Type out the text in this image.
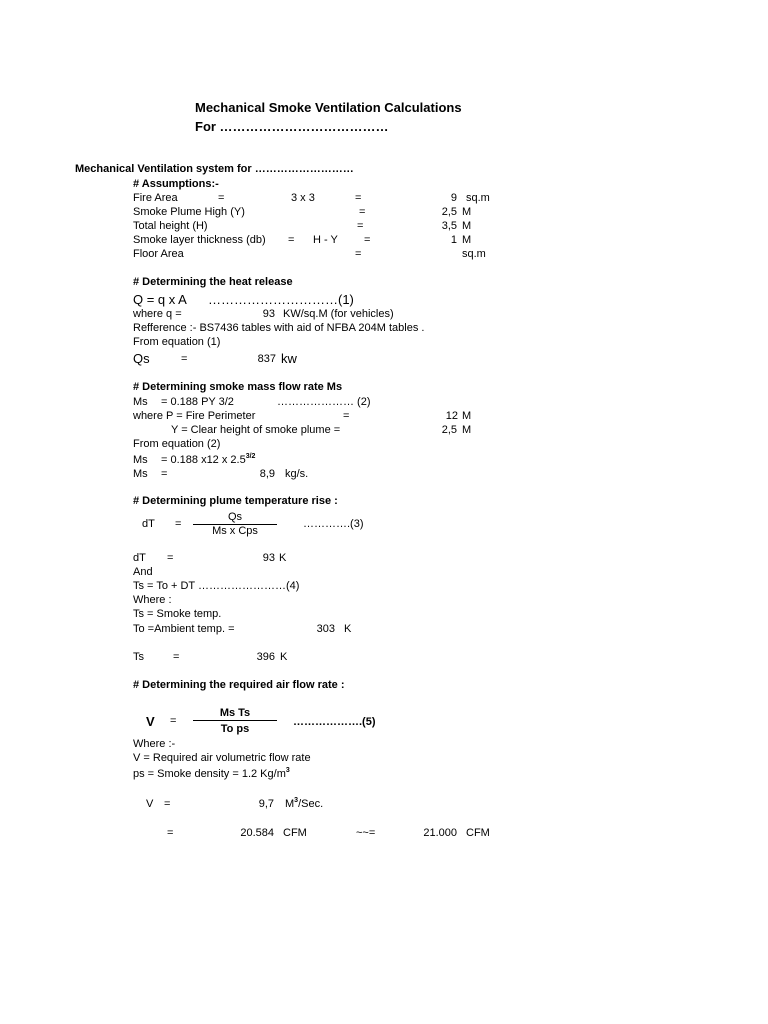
Mechanical Smoke Ventilation Calculations
For …………………………………
Mechanical Ventilation system for ………………………
# Assumptions:-
Fire Area	=	3 x 3	=	9 sq.m
Smoke Plume High (Y)	=	2,5 M
Total height (H)	=	3,5 M
Smoke layer thickness (db) = H - Y =	1 M
Floor Area	=	sq.m
# Determining the heat release
Q = q x A …………………………(1)
where q =	93 KW/sq.M (for vehicles)
Refference :- BS7436 tables with aid of NFBA 204M tables .
From equation (1)
Qs	=	837 kw
# Determining smoke mass flow rate Ms
Ms = 0.188 PY 3/2	………………… (2)
where P = Fire Perimeter	=	12 M
Y = Clear height of smoke plume =	2,5 M
From equation (2)
Ms = 0.188 x12 x $2.5^{3/2}$
Ms =	8,9 kg/s.
# Determining plume temperature rise :
dT =
Qs
Ms x Cps
………….(3)
dT =	93 K
And
Ts = To + DT ……………………(4)
Where :
Ts = Smoke temp.
To =Ambient temp. =	303 K
Ts	=	396 K
# Determining the required air flow rate :
V =
Ms Ts
To ps
……………….(5)
Where :-
V = Required air volumetric flow rate
ps = Smoke density = 1.2 $Kg/m^3$
V =	9,7 $M^3$/Sec.
=	20.584 CFM	~~=	21.000 CFM
